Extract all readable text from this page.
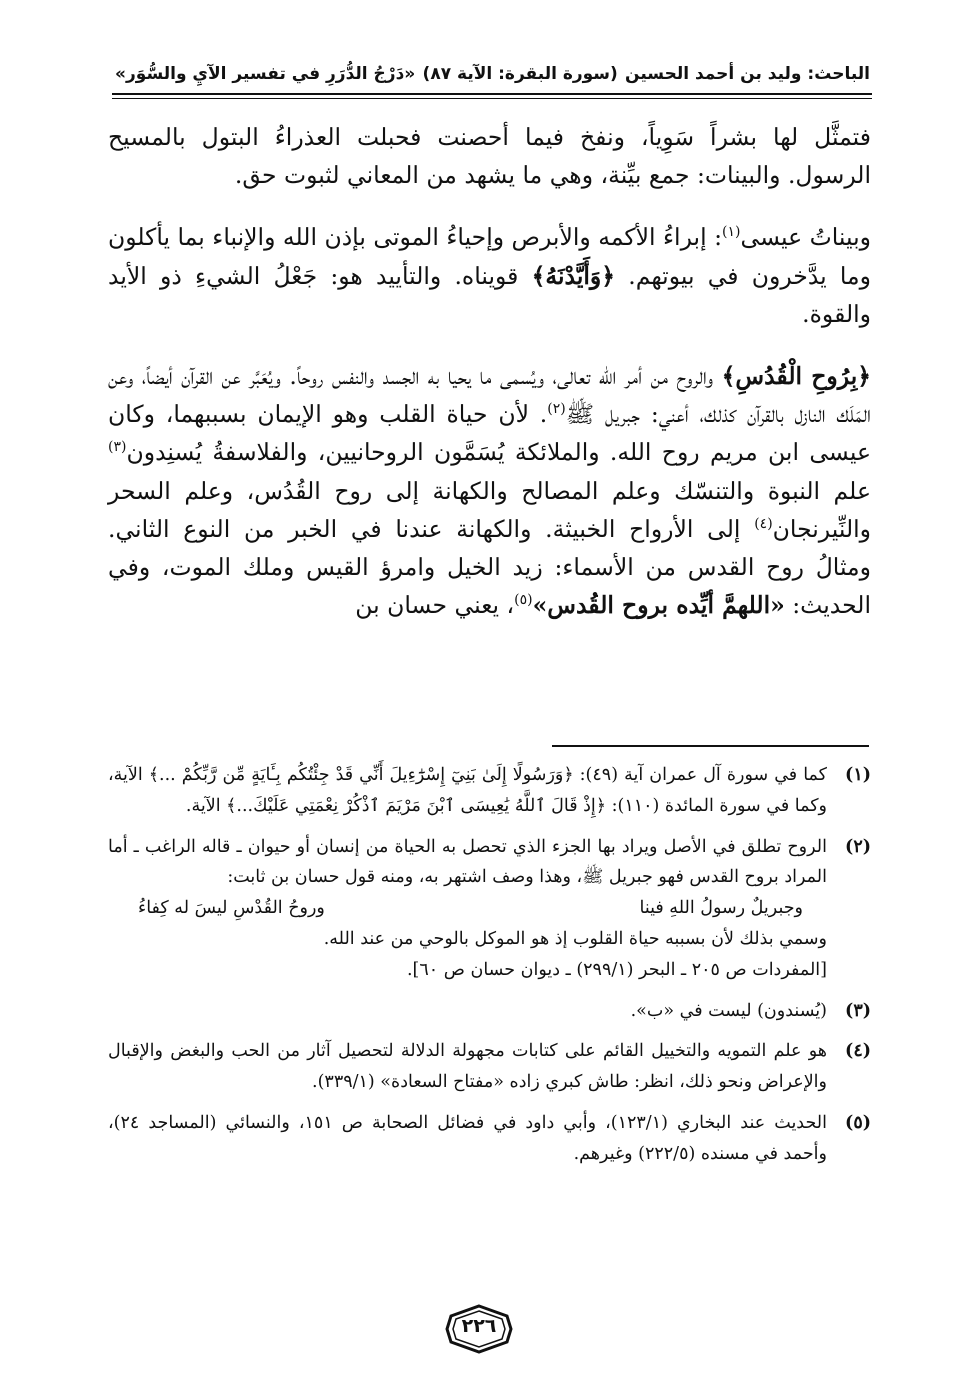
الباحث: وليد بن أحمد الحسين
(سورة البقرة: الآية ٨٧)
«دَرْجُ الدُّرَرِ في تفسير الآيِ والسُّوَر»

فتمثَّل لها بشراً سَوِياً، ونفخ فيما أحصنت فحبلت العذراءُ البتول بالمسيح الرسول. والبينات: جمع بيِّنة، وهي ما يشهد من المعاني لثبوت حق.

وبيناتُ عيسى$^{(١)}$: إبراءُ الأكمه والأبرص وإحياءُ الموتى بإذن الله والإنباء بما يأكلون وما يدَّخرون في بيوتهم. ﴿وَأَيَّدْنَهُ﴾ قويناه. والتأييد هو: جَعْلُ الشيءِ ذو الأيد والقوة.

﴿بِرُوحِ الْقُدُسِ﴾ والروح من أمر الله تعالى، ويُسمى ما يحيا به الجسد والنفس روحاً. ويُعَبَّر عن القرآن أيضاً، وعن المَلَك النازل بالقرآن كذلك، أعني: جبريل ﷺ$^{(٢)}$. لأن حياة القلب وهو الإيمان بسببهما، وكان عيسى ابن مريم روح الله. والملائكة يُسَمَّون الروحانيين، والفلاسفةُ يُسنِدون$^{(٣)}$ علم النبوة والتنسّك وعلم المصالح والكهانة إلى روح القُدُس، وعلم السحر والنِّيرنجان$^{(٤)}$ إلى الأرواح الخبيثة. والكهانة عندنا في الخبر من النوع الثاني. ومثالُ روح القدس من الأسماء: زيد الخيل وامرؤ القيس وملك الموت، وفي الحديث: «اللهمَّ أيِّده بروح القُدس»$^{(٥)}$، يعني حسان بن

(١)
كما في سورة آل عمران آية (٤٩): ﴿وَرَسُولًا إِلَىٰ بَنِيٓ إِسْرَٰٓءِيلَ أَنِّي قَدْ جِئْتُكُم بِـَٔايَةٍ مِّن رَّبِّكُمْ ...﴾ الآية، وكما في سورة المائدة (١١٠): ﴿إِذْ قَالَ ٱللَّهُ يَٰعِيسَى ٱبْنَ مَرْيَمَ ٱذْكُرْ نِعْمَتِي عَلَيْكَ...﴾ الآية.
(٢)
الروح تطلق في الأصل ويراد بها الجزء الذي تحصل به الحياة من إنسان أو حيوان ـ قاله الراغب ـ أما المراد بروح القدس فهو جبريل ﷺ، وهذا وصف اشتهر به، ومنه قول حسان بن ثابت:
وجبريلٌ رسولُ اللهِ فينا
وروحُ القُدْسِ ليسَ له كِفاءُ
وسمي بذلك لأن بسببه حياة القلوب إذ هو الموكل بالوحي من عند الله.
[المفردات ص ٢٠٥ ـ البحر (٢٩٩/١) ـ ديوان حسان ص ٦٠].
(٣)
(يُسندون) ليست في «ب».
(٤)
هو علم التمويه والتخييل القائم على كتابات مجهولة الدلالة لتحصيل آثار من الحب والبغض والإقبال والإعراض ونحو ذلك، انظر: طاش كبري زاده «مفتاح السعادة» (٣٣٩/١).
(٥)
الحديث عند البخاري (١٢٣/١)، وأبي داود في فضائل الصحابة ص ١٥١، والنسائي (المساجد ٢٤)، وأحمد في مسنده (٢٢٢/٥) وغيرهم.
٢٢٦
